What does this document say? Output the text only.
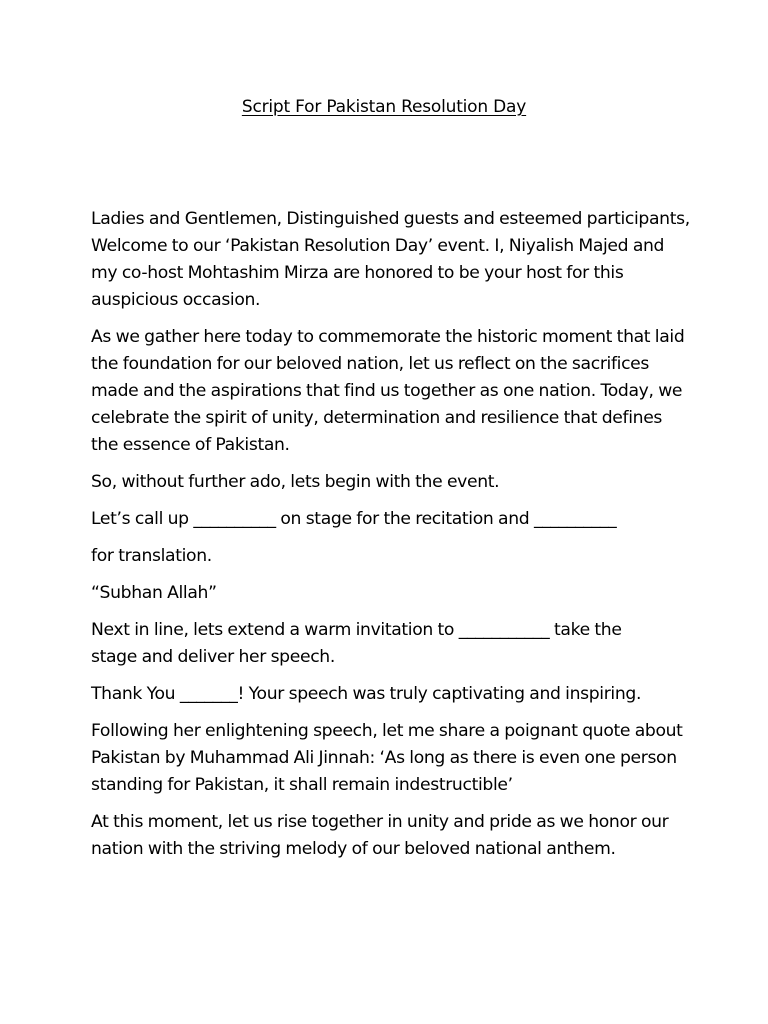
Script For Pakistan Resolution Day

Ladies and Gentlemen, Distinguished guests and esteemed participants,
Welcome to our ‘Pakistan Resolution Day’ event. I, Niyalish Majed and
my co-host Mohtashim Mirza are honored to be your host for this
auspicious occasion.

As we gather here today to commemorate the historic moment that laid
the foundation for our beloved nation, let us reflect on the sacrifices
made and the aspirations that find us together as one nation. Today, we
celebrate the spirit of unity, determination and resilience that defines
the essence of Pakistan.

So, without further ado, lets begin with the event.

Let’s call up __________ on stage for the recitation and __________

for translation.

“Subhan Allah”

Next in line, lets extend a warm invitation to ___________ take the
stage and deliver her speech.

Thank You _______! Your speech was truly captivating and inspiring.

Following her enlightening speech, let me share a poignant quote about
Pakistan by Muhammad Ali Jinnah: ‘As long as there is even one person
standing for Pakistan, it shall remain indestructible’

At this moment, let us rise together in unity and pride as we honor our
nation with the striving melody of our beloved national anthem.
